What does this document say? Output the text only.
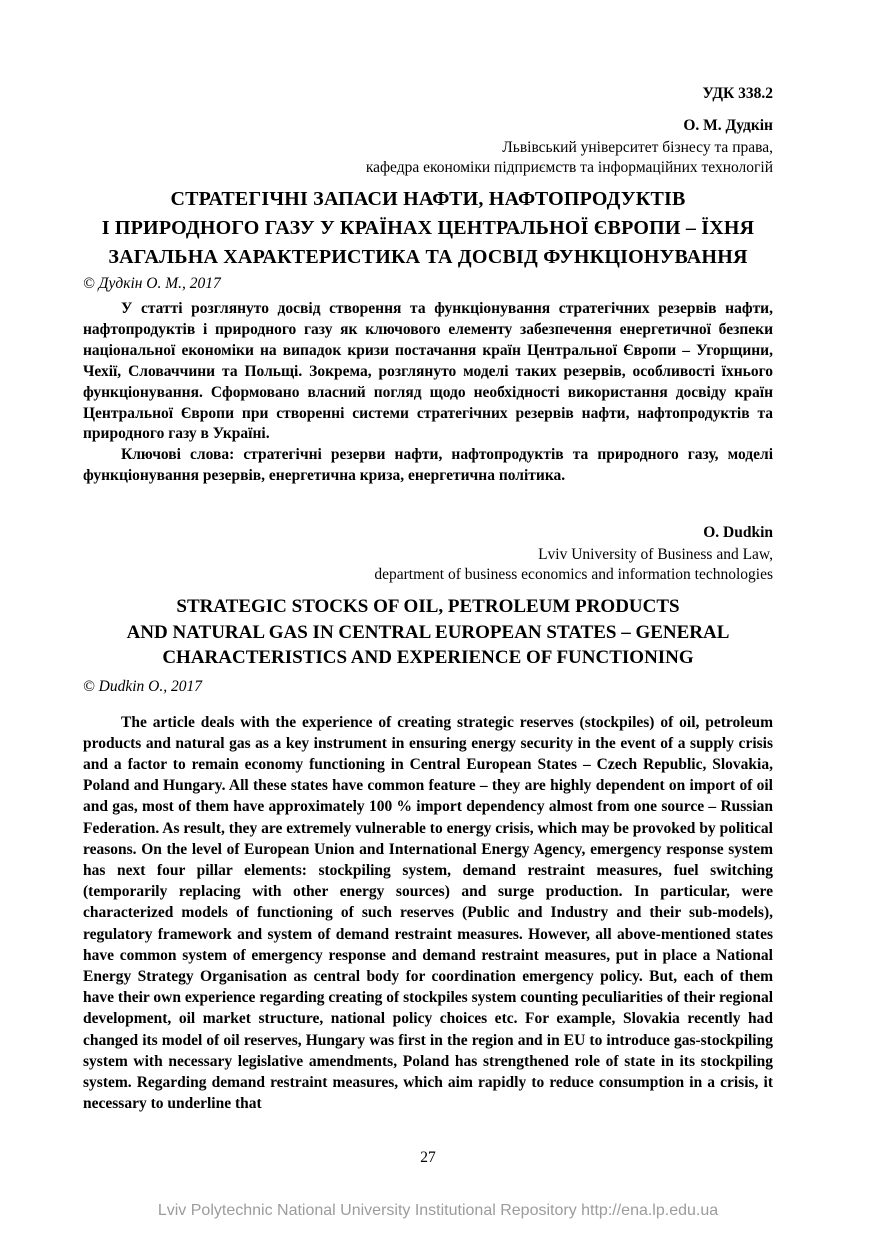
УДК 338.2
О. М. Дудкін
Львівський університет бізнесу та права,
кафедра економіки підприємств та інформаційних технологій
СТРАТЕГІЧНІ ЗАПАСИ НАФТИ, НАФТОПРОДУКТІВ
І ПРИРОДНОГО ГАЗУ У КРАЇНАХ ЦЕНТРАЛЬНОЇ ЄВРОПИ – ЇХНЯ
ЗАГАЛЬНА ХАРАКТЕРИСТИКА ТА ДОСВІД ФУНКЦІОНУВАННЯ
© Дудкін О. М., 2017
У статті розглянуто досвід створення та функціонування стратегічних резервів нафти, нафтопродуктів і природного газу як ключового елементу забезпечення енергетичної безпеки національної економіки на випадок кризи постачання країн Центральної Європи – Угорщини, Чехії, Словаччини та Польщі. Зокрема, розглянуто моделі таких резервів, особливості їхнього функціонування. Сформовано власний погляд щодо необхідності використання досвіду країн Центральної Європи при створенні системи стратегічних резервів нафти, нафтопродуктів та природного газу в Україні.
Ключові слова: стратегічні резерви нафти, нафтопродуктів та природного газу, моделі функціонування резервів, енергетична криза, енергетична політика.
O. Dudkin
Lviv University of Business and Law,
department of business economics and information technologies
STRATEGIC STOCKS OF OIL, PETROLEUM PRODUCTS
AND NATURAL GAS IN CENTRAL EUROPEAN STATES – GENERAL
CHARACTERISTICS AND EXPERIENCE OF FUNCTIONING
© Dudkin O., 2017
The article deals with the experience of creating strategic reserves (stockpiles) of oil, petroleum products and natural gas as a key instrument in ensuring energy security in the event of a supply crisis and a factor to remain economy functioning in Central European States – Czech Republic, Slovakia, Poland and Hungary. All these states have common feature – they are highly dependent on import of oil and gas, most of them have approximately 100 % import dependency almost from one source – Russian Federation. As result, they are extremely vulnerable to energy crisis, which may be provoked by political reasons. On the level of European Union and International Energy Agency, emergency response system has next four pillar elements: stockpiling system, demand restraint measures, fuel switching (temporarily replacing with other energy sources) and surge production. In particular, were characterized models of functioning of such reserves (Public and Industry and their sub-models), regulatory framework and system of demand restraint measures. However, all above-mentioned states have common system of emergency response and demand restraint measures, put in place a National Energy Strategy Organisation as central body for coordination emergency policy. But, each of them have their own experience regarding creating of stockpiles system counting peculiarities of their regional development, oil market structure, national policy choices etc. For example, Slovakia recently had changed its model of oil reserves, Hungary was first in the region and in EU to introduce gas-stockpiling system with necessary legislative amendments, Poland has strengthened role of state in its stockpiling system. Regarding demand restraint measures, which aim rapidly to reduce consumption in a crisis, it necessary to underline that
27
Lviv Polytechnic National University Institutional Repository http://ena.lp.edu.ua
